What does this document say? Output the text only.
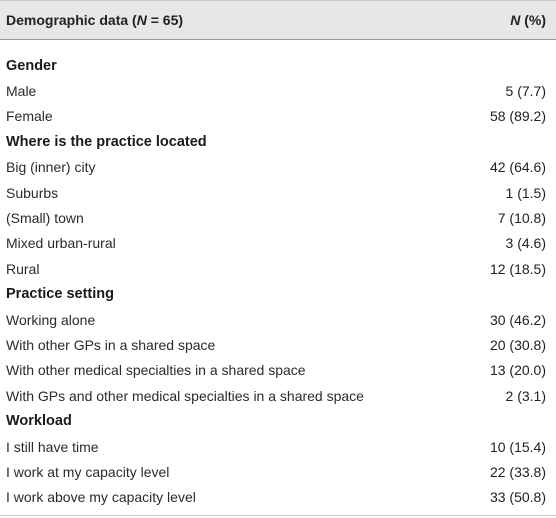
Demographic data (N = 65)	N (%)
Gender
Male	5 (7.7)
Female	58 (89.2)
Where is the practice located
Big (inner) city	42 (64.6)
Suburbs	1 (1.5)
(Small) town	7 (10.8)
Mixed urban-rural	3 (4.6)
Rural	12 (18.5)
Practice setting
Working alone	30 (46.2)
With other GPs in a shared space	20 (30.8)
With other medical specialties in a shared space	13 (20.0)
With GPs and other medical specialties in a shared space	2 (3.1)
Workload
I still have time	10 (15.4)
I work at my capacity level	22 (33.8)
I work above my capacity level	33 (50.8)
